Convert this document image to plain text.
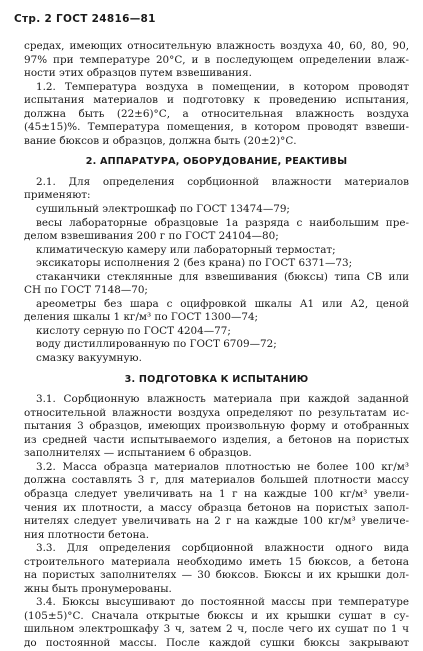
Стр. 2 ГОСТ 24816—81
средах, имеющих относительную влажность воздуха 40, 60, 80, 90,
97% при температуре 20°С, и в последующем определении влаж-
ности этих образцов путем взвешивания.
1.2. Температура воздуха в помещении, в котором проводят
испытания материалов и подготовку к проведению испытания,
должна быть (22±6)°С, а относительная влажность воздуха
(45±15)%. Температура помещения, в котором проводят взвеши-
вание бюксов и образцов, должна быть (20±2)°С.
2. АППАРАТУРА, ОБОРУДОВАНИЕ, РЕАКТИВЫ
2.1. Для определения сорбционной влажности материалов
применяют:
сушильный электрошкаф по ГОСТ 13474—79;
весы лабораторные образцовые 1а разряда с наибольшим пре-
делом взвешивания 200 г по ГОСТ 24104—80;
климатическую камеру или лабораторный термостат;
эксикаторы исполнения 2 (без крана) по ГОСТ 6371—73;
стаканчики стеклянные для взвешивания (бюксы) типа СВ или
СН по ГОСТ 7148—70;
ареометры без шара с оцифровкой шкалы А1 или А2, ценой
деления шкалы 1 кг/м³ по ГОСТ 1300—74;
кислоту серную по ГОСТ 4204—77;
воду дистиллированную по ГОСТ 6709—72;
смазку вакуумную.
3. ПОДГОТОВКА К ИСПЫТАНИЮ
3.1. Сорбционную влажность материала при каждой заданной
относительной влажности воздуха определяют по результатам ис-
пытания 3 образцов, имеющих произвольную форму и отобранных
из средней части испытываемого изделия, а бетонов на пористых
заполнителях — испытанием 6 образцов.
3.2. Масса образца материалов плотностью не более 100 кг/м³
должна составлять 3 г, для материалов большей плотности массу
образца следует увеличивать на 1 г на каждые 100 кг/м³ увели-
чения их плотности, а массу образца бетонов на пористых запол-
нителях следует увеличивать на 2 г на каждые 100 кг/м³ увеличе-
ния плотности бетона.
3.3. Для определения сорбционной влажности одного вида
строительного материала необходимо иметь 15 бюксов, а бетона
на пористых заполнителях — 30 бюксов. Бюксы и их крышки дол-
жны быть пронумерованы.
3.4. Бюксы высушивают до постоянной массы при температуре
(105±5)°С. Сначала открытые бюксы и их крышки сушат в су-
шильном электрошкафу 3 ч, затем 2 ч, после чего их сушат по 1 ч
до постоянной массы. После каждой сушки бюксы закрывают
